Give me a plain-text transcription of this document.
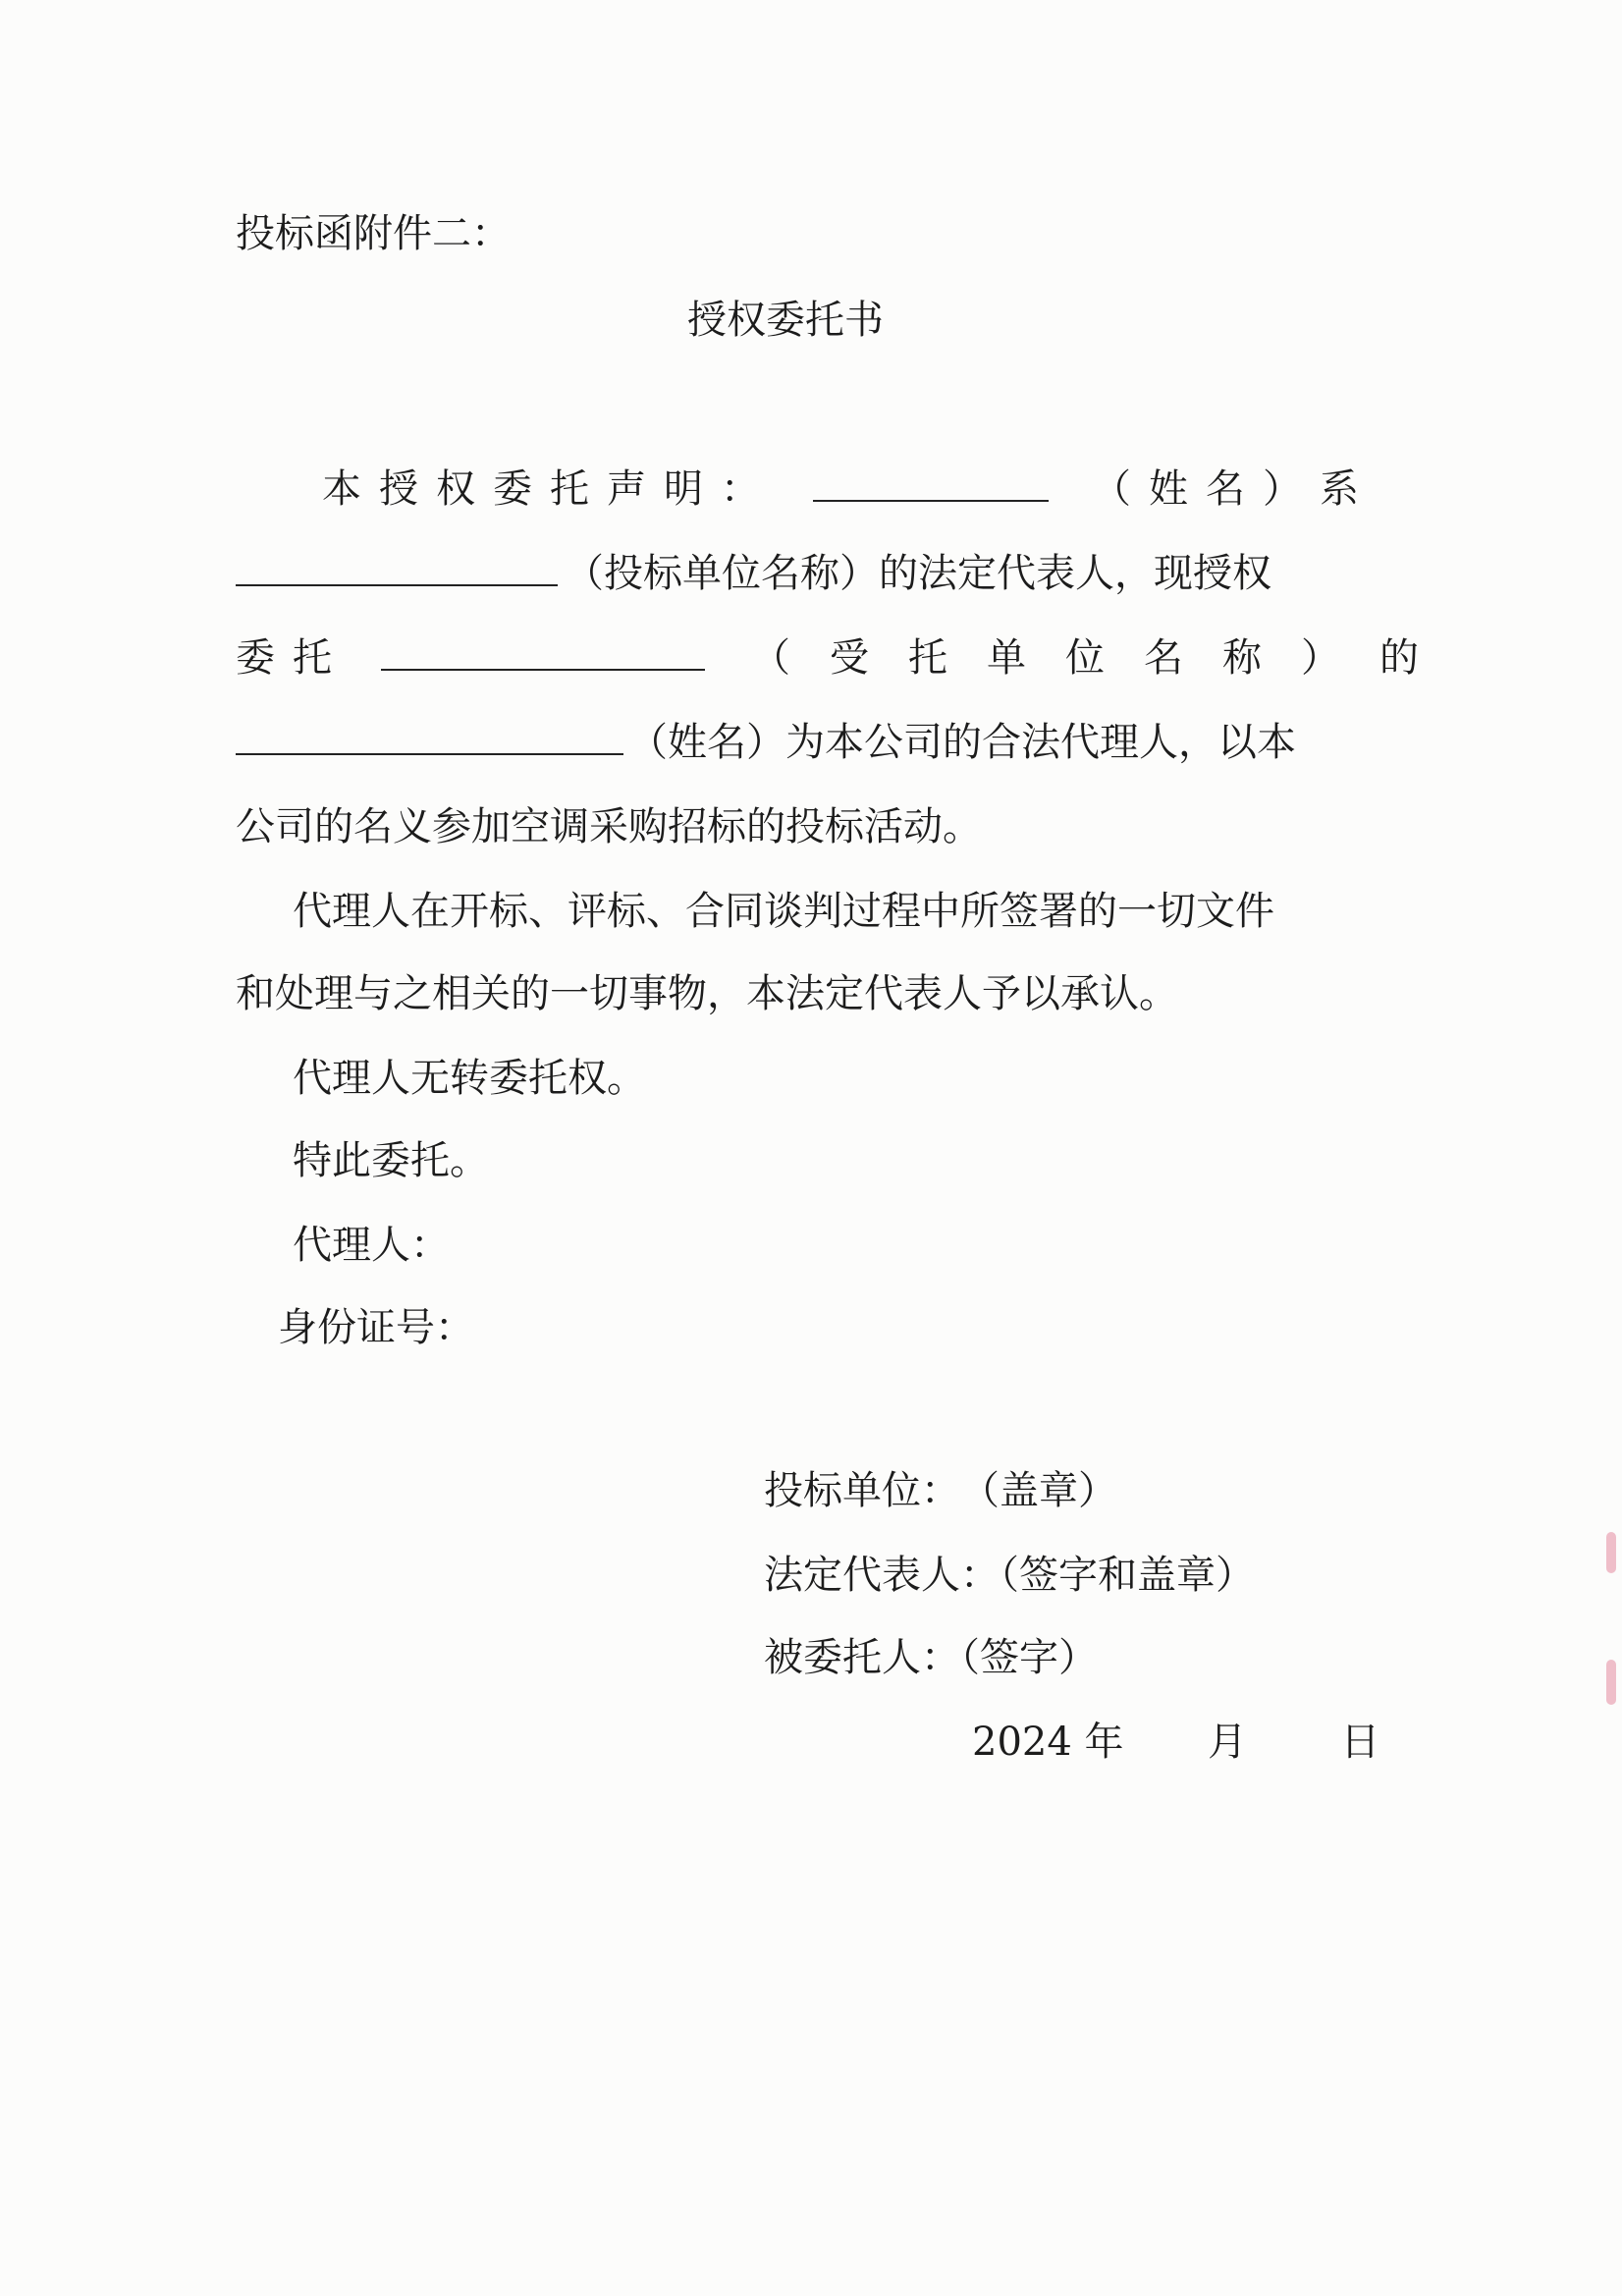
投标函附件二：
授权委托书
本授权委托声明：	（姓名）系
（投标单位名称）的法定代表人，现授权
委托	（受托单位名称）的
（姓名）为本公司的合法代理人，以本
公司的名义参加空调采购招标的投标活动。
代理人在开标、评标、合同谈判过程中所签署的一切文件
和处理与之相关的一切事物，本法定代表人予以承认。
代理人无转委托权。
特此委托。
代理人：
身份证号：
投标单位：　（盖章）
法定代表人：（签字和盖章）
被委托人：（签字）
2024 年 月 日
